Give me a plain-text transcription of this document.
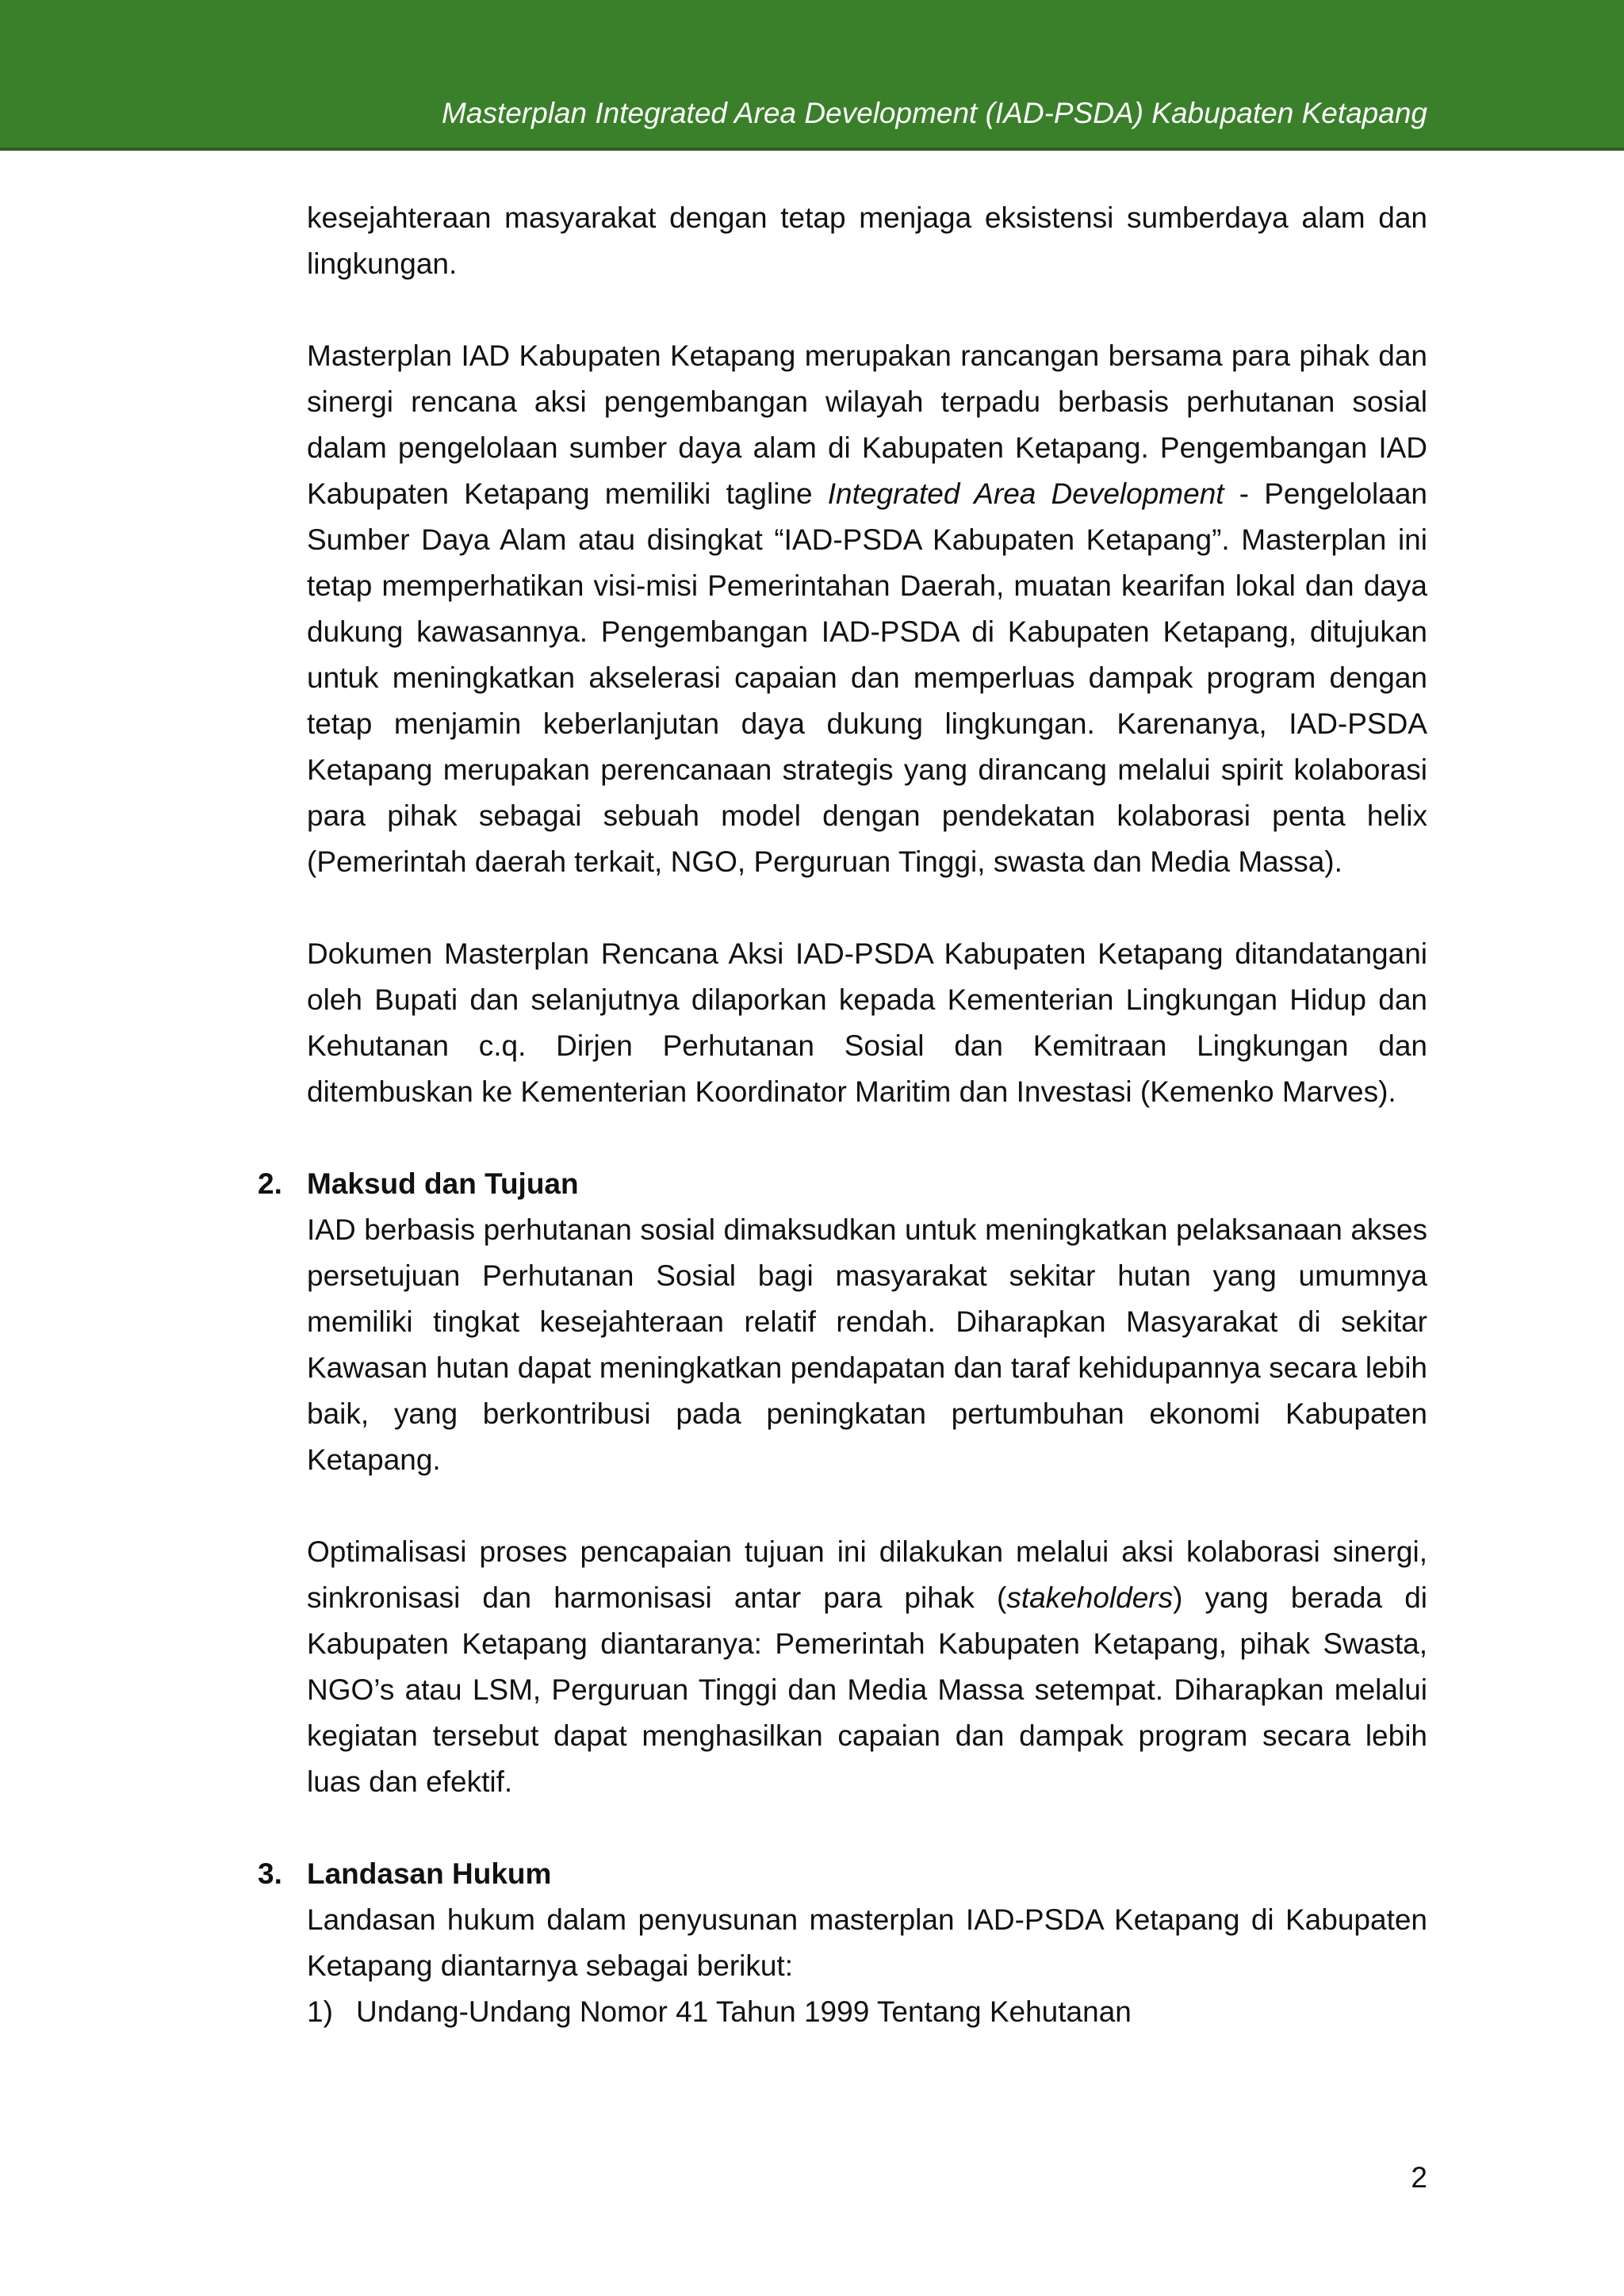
Masterplan Integrated Area Development (IAD-PSDA) Kabupaten Ketapang

kesejahteraan masyarakat dengan tetap menjaga eksistensi sumberdaya alam dan lingkungan.

Masterplan IAD Kabupaten Ketapang merupakan rancangan bersama para pihak dan sinergi rencana aksi pengembangan wilayah terpadu berbasis perhutanan sosial dalam pengelolaan sumber daya alam di Kabupaten Ketapang. Pengembangan IAD Kabupaten Ketapang memiliki tagline Integrated Area Development - Pengelolaan Sumber Daya Alam atau disingkat “IAD-PSDA Kabupaten Ketapang”. Masterplan ini tetap memperhatikan visi-misi Pemerintahan Daerah, muatan kearifan lokal dan daya dukung kawasannya. Pengembangan IAD-PSDA di Kabupaten Ketapang, ditujukan untuk meningkatkan akselerasi capaian dan memperluas dampak program dengan tetap menjamin keberlanjutan daya dukung lingkungan. Karenanya, IAD-PSDA Ketapang merupakan perencanaan strategis yang dirancang melalui spirit kolaborasi para pihak sebagai sebuah model dengan pendekatan kolaborasi penta helix (Pemerintah daerah terkait, NGO, Perguruan Tinggi, swasta dan Media Massa).

Dokumen Masterplan Rencana Aksi IAD-PSDA Kabupaten Ketapang ditandatangani oleh Bupati dan selanjutnya dilaporkan kepada Kementerian Lingkungan Hidup dan Kehutanan c.q. Dirjen Perhutanan Sosial dan Kemitraan Lingkungan dan ditembuskan ke Kementerian Koordinator Maritim dan Investasi (Kemenko Marves).

2. Maksud dan Tujuan

IAD berbasis perhutanan sosial dimaksudkan untuk meningkatkan pelaksanaan akses persetujuan Perhutanan Sosial bagi masyarakat sekitar hutan yang umumnya memiliki tingkat kesejahteraan relatif rendah. Diharapkan Masyarakat di sekitar Kawasan hutan dapat meningkatkan pendapatan dan taraf kehidupannya secara lebih baik, yang berkontribusi pada peningkatan pertumbuhan ekonomi Kabupaten Ketapang.

Optimalisasi proses pencapaian tujuan ini dilakukan melalui aksi kolaborasi sinergi, sinkronisasi dan harmonisasi antar para pihak (stakeholders) yang berada di Kabupaten Ketapang diantaranya: Pemerintah Kabupaten Ketapang, pihak Swasta, NGO’s atau LSM, Perguruan Tinggi dan Media Massa setempat. Diharapkan melalui kegiatan tersebut dapat menghasilkan capaian dan dampak program secara lebih luas dan efektif.

3. Landasan Hukum

Landasan hukum dalam penyusunan masterplan IAD-PSDA Ketapang di Kabupaten Ketapang diantarnya sebagai berikut:

1) Undang-Undang Nomor 41 Tahun 1999 Tentang Kehutanan
2
